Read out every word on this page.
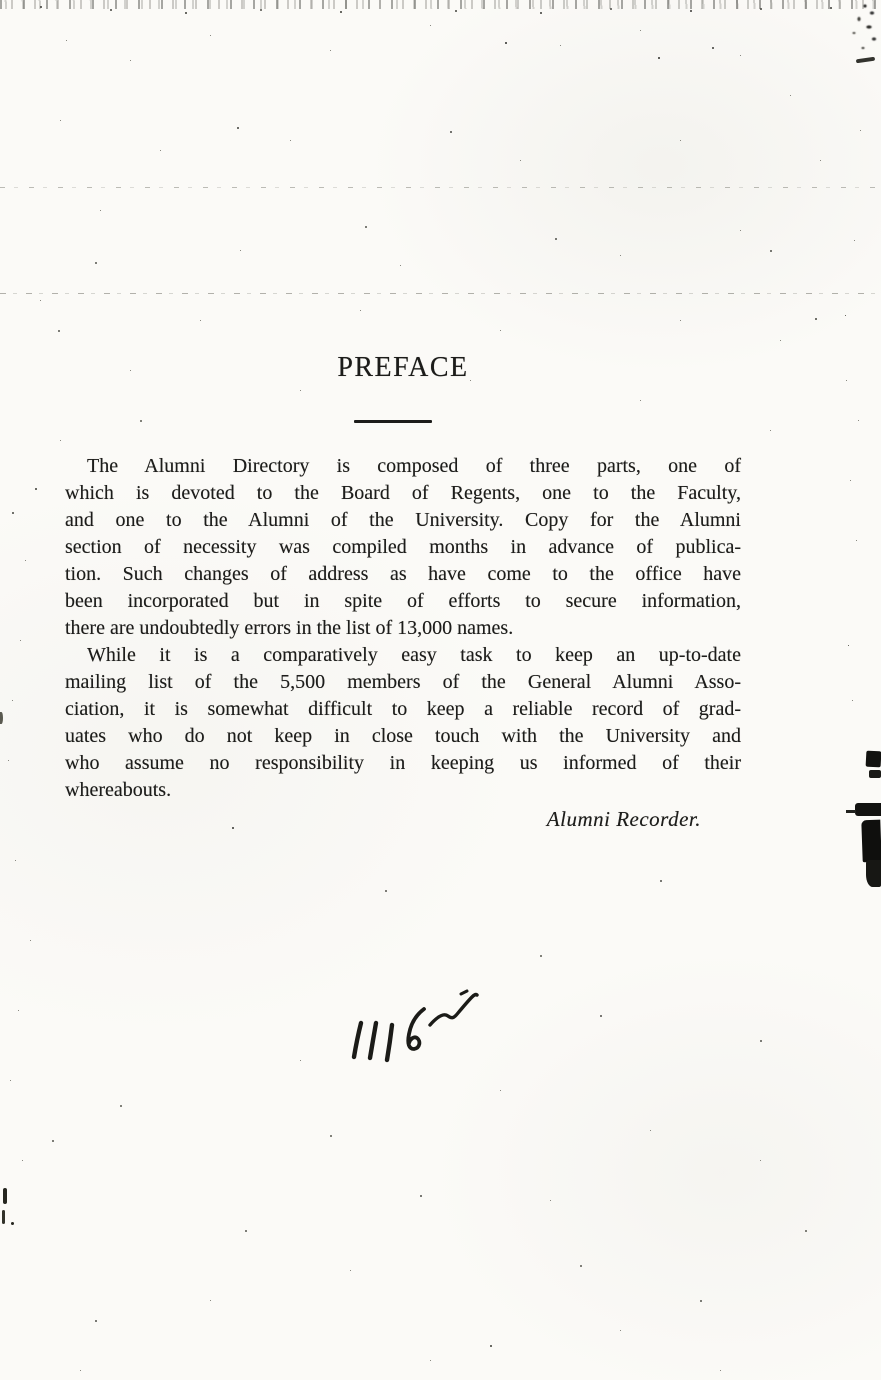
PREFACE
The Alumni Directory is composed of three parts, one of
which is devoted to the Board of Regents, one to the Faculty,
and one to the Alumni of the University. Copy for the Alumni
section of necessity was compiled months in advance of publica-
tion. Such changes of address as have come to the office have
been incorporated but in spite of efforts to secure information,
there are undoubtedly errors in the list of 13,000 names.
While it is a comparatively easy task to keep an up-to-date
mailing list of the 5,500 members of the General Alumni Asso-
ciation, it is somewhat difficult to keep a reliable record of grad-
uates who do not keep in close touch with the University and
who assume no responsibility in keeping us informed of their
whereabouts.
Alumni Recorder.
